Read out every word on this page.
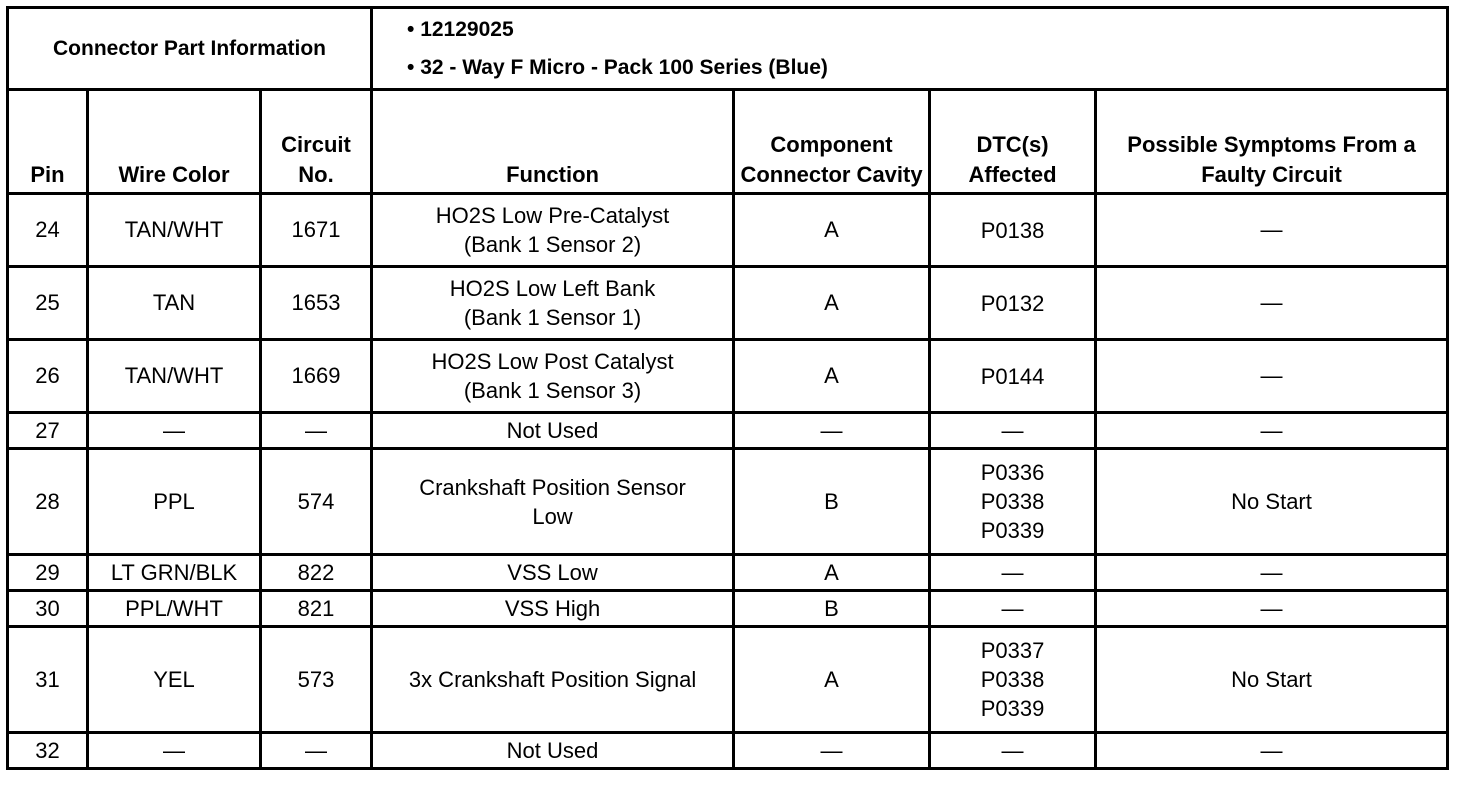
Connector Part Information			• 12129025
• 32 - Way F Micro - Pack 100 Series (Blue)			

Pin	Wire Color	Circuit No.	Function	Component Connector Cavity	DTC(s) Affected	Possible Symptoms From a Faulty Circuit
24	TAN/WHT	1671	HO2S Low Pre-Catalyst
(Bank 1 Sensor 2)	A	P0138	—
25	TAN	1653	HO2S Low Left Bank
(Bank 1 Sensor 1)	A	P0132	—
26	TAN/WHT	1669	HO2S Low Post Catalyst
(Bank 1 Sensor 3)	A	P0144	—
27	—	—	Not Used	—	—	—
28	PPL	574	Crankshaft Position Sensor
Low	B	P0336
P0338
P0339	No Start
29	LT GRN/BLK	822	VSS Low	A	—	—
30	PPL/WHT	821	VSS High	B	—	—
31	YEL	573	3x Crankshaft Position Signal	A	P0337
P0338
P0339	No Start
32	—	—	Not Used	—	—	—
